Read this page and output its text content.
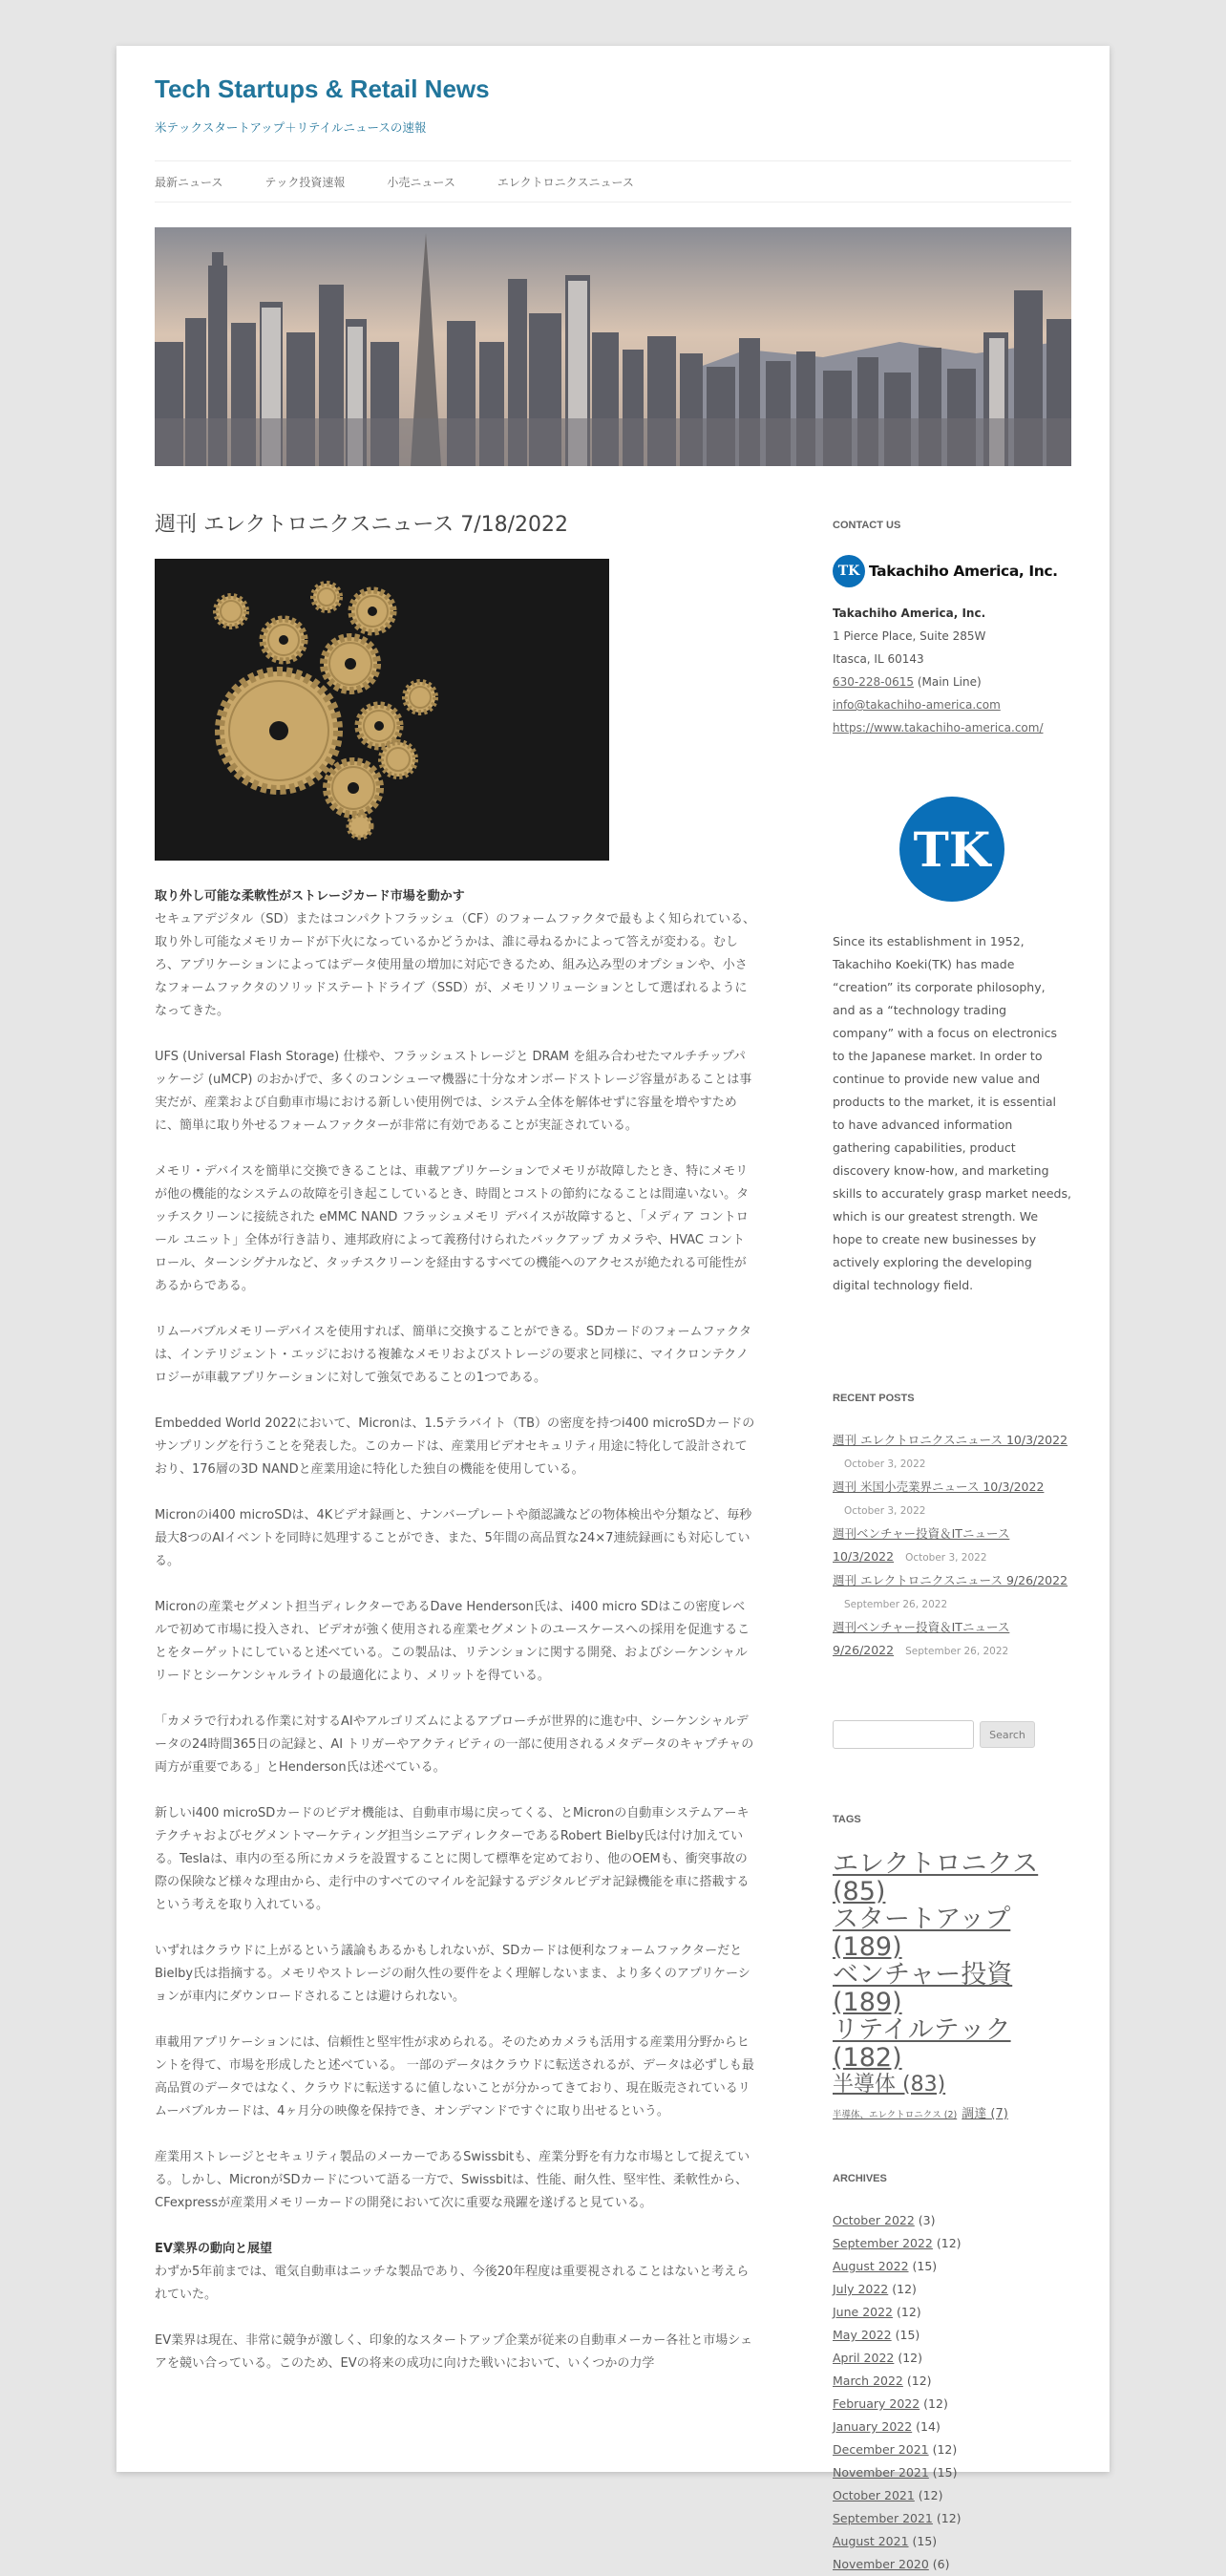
Tech Startups & Retail News
米テックスタートアップ＋リテイルニュースの速報
最新ニュース	テック投資速報	小売ニュース	エレクトロニクスニュース
週刊 エレクトロニクスニュース 7/18/2022

取り外し可能な柔軟性がストレージカード市場を動かす
セキュアデジタル（SD）またはコンパクトフラッシュ（CF）のフォームファクタで最もよく知られている、取り外し可能なメモリカードが下火になっているかどうかは、誰に尋ねるかによって答えが変わる。むしろ、アプリケーションによってはデータ使用量の増加に対応できるため、組み込み型のオプションや、小さなフォームファクタのソリッドステートドライブ（SSD）が、メモリソリューションとして選ばれるようになってきた。

UFS (Universal Flash Storage) 仕様や、フラッシュストレージと DRAM を組み合わせたマルチチップパッケージ (uMCP) のおかげで、多くのコンシューマ機器に十分なオンボードストレージ容量があることは事実だが、産業および自動車市場における新しい使用例では、システム全体を解体せずに容量を増やすために、簡単に取り外せるフォームファクターが非常に有効であることが実証されている。

メモリ・デバイスを簡単に交換できることは、車載アプリケーションでメモリが故障したとき、特にメモリが他の機能的なシステムの故障を引き起こしているとき、時間とコストの節約になることは間違いない。タッチスクリーンに接続された eMMC NAND フラッシュメモリ デバイスが故障すると、「メディア コントロール ユニット」全体が行き詰り、連邦政府によって義務付けられたバックアップ カメラや、HVAC コントロール、ターンシグナルなど、タッチスクリーンを経由するすべての機能へのアクセスが絶たれる可能性があるからである。

リムーバブルメモリーデバイスを使用すれば、簡単に交換することができる。SDカードのフォームファクタは、インテリジェント・エッジにおける複雑なメモリおよびストレージの要求と同様に、マイクロンテクノロジーが車載アプリケーションに対して強気であることの1つである。

Embedded World 2022において、Micronは、1.5テラバイト（TB）の密度を持つi400 microSDカードのサンプリングを行うことを発表した。このカードは、産業用ビデオセキュリティ用途に特化して設計されており、176層の3D NANDと産業用途に特化した独自の機能を使用している。

Micronのi400 microSDは、4Kビデオ録画と、ナンバープレートや顔認識などの物体検出や分類など、毎秒最大8つのAIイベントを同時に処理することができ、また、5年間の高品質な24×7連続録画にも対応している。

Micronの産業セグメント担当ディレクターであるDave Henderson氏は、i400 micro SDはこの密度レベルで初めて市場に投入され、ビデオが強く使用される産業セグメントのユースケースへの採用を促進することをターゲットにしていると述べている。この製品は、リテンションに関する開発、およびシーケンシャルリードとシーケンシャルライトの最適化により、メリットを得ている。

「カメラで行われる作業に対するAIやアルゴリズムによるアプローチが世界的に進む中、シーケンシャルデータの24時間365日の記録と、AI トリガーやアクティビティの一部に使用されるメタデータのキャプチャの両方が重要である」とHenderson氏は述べている。

新しいi400 microSDカードのビデオ機能は、自動車市場に戻ってくる、とMicronの自動車システムアーキテクチャおよびセグメントマーケティング担当シニアディレクターであるRobert Bielby氏は付け加えている。Teslaは、車内の至る所にカメラを設置することに関して標準を定めており、他のOEMも、衝突事故の際の保険など様々な理由から、走行中のすべてのマイルを記録するデジタルビデオ記録機能を車に搭載するという考えを取り入れている。

いずれはクラウドに上がるという議論もあるかもしれないが、SDカードは便利なフォームファクターだとBielby氏は指摘する。メモリやストレージの耐久性の要件をよく理解しないまま、より多くのアプリケーションが車内にダウンロードされることは避けられない。

車載用アプリケーションには、信頼性と堅牢性が求められる。そのためカメラも活用する産業用分野からヒントを得て、市場を形成したと述べている。 一部のデータはクラウドに転送されるが、データは必ずしも最高品質のデータではなく、クラウドに転送するに値しないことが分かってきており、現在販売されているリムーバブルカードは、4ヶ月分の映像を保持でき、オンデマンドですぐに取り出せるという。

産業用ストレージとセキュリティ製品のメーカーであるSwissbitも、産業分野を有力な市場として捉えている。しかし、MicronがSDカードについて語る一方で、Swissbitは、性能、耐久性、堅牢性、柔軟性から、CFexpressが産業用メモリーカードの開発において次に重要な飛躍を遂げると見ている。

EV業界の動向と展望
わずか5年前までは、電気自動車はニッチな製品であり、今後20年程度は重要視されることはないと考えられていた。

EV業界は現在、非常に競争が激しく、印象的なスタートアップ企業が従来の自動車メーカー各社と市場シェアを競い合っている。このため、EVの将来の成功に向けた戦いにおいて、いくつかの力学

CONTACT US
TK Takachiho America, Inc.
Takachiho America, Inc.
1 Pierce Place, Suite 285W
Itasca, IL 60143
630-228-0615 (Main Line)
info@takachiho-america.com
https://www.takachiho-america.com/
TK
Since its establishment in 1952, Takachiho Koeki(TK) has made “creation” its corporate philosophy, and as a “technology trading company” with a focus on electronics to the Japanese market. In order to continue to provide new value and products to the market, it is essential to have advanced information gathering capabilities, product discovery know-how, and marketing skills to accurately grasp market needs, which is our greatest strength. We hope to create new businesses by actively exploring the developing digital technology field.
RECENT POSTS
週刊 エレクトロニクスニュース 10/3/2022
October 3, 2022
週刊 米国小売業界ニュース 10/3/2022
October 3, 2022
週刊ベンチャー投資＆ITニュース 10/3/2022 October 3, 2022
週刊 エレクトロニクスニュース 9/26/2022
September 26, 2022
週刊ベンチャー投資＆ITニュース 9/26/2022 September 26, 2022
Search
TAGS
エレクトロニクス (85)
スタートアップ (189)
ベンチャー投資 (189)
リテイルテック (182)
半導体 (83)
半導体、エレクトロニクス (2) 調達 (7)
ARCHIVES
October 2022 (3)
September 2022 (12)
August 2022 (15)
July 2022 (12)
June 2022 (12)
May 2022 (15)
April 2022 (12)
March 2022 (12)
February 2022 (12)
January 2022 (14)
December 2021 (12)
November 2021 (15)
October 2021 (12)
September 2021 (12)
August 2021 (15)
November 2020 (6)
